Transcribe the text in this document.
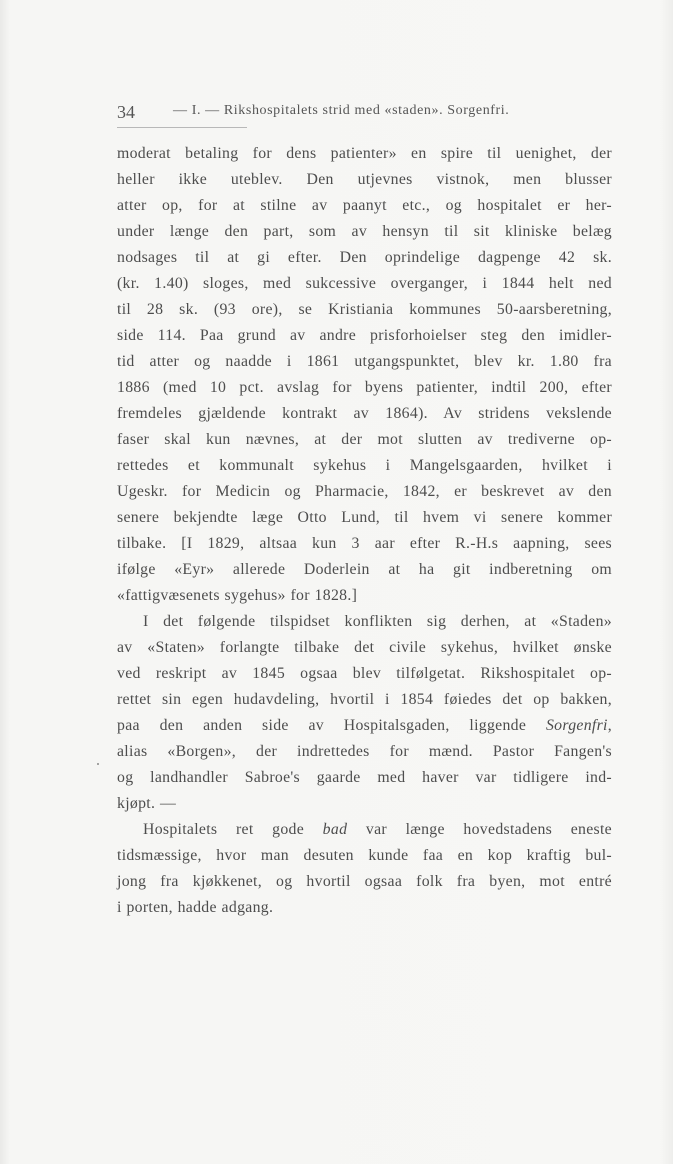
34	— I. — Rikshospitalets strid med «staden». Sorgenfri.
moderat betaling for dens patienter» en spire til uenighet, der
heller ikke uteblev. Den utjevnes vistnok, men blusser
atter op, for at stilne av paanyt etc., og hospitalet er her-
under længe den part, som av hensyn til sit kliniske belæg
nodsages til at gi efter. Den oprindelige dagpenge 42 sk.
(kr. 1.40) sloges, med sukcessive overganger, i 1844 helt ned
til 28 sk. (93 ore), se Kristiania kommunes 50-aarsberetning,
side 114. Paa grund av andre prisforhoielser steg den imidler-
tid atter og naadde i 1861 utgangspunktet, blev kr. 1.80 fra
1886 (med 10 pct. avslag for byens patienter, indtil 200, efter
fremdeles gjældende kontrakt av 1864). Av stridens vekslende
faser skal kun nævnes, at der mot slutten av trediverne op-
rettedes et kommunalt sykehus i Mangelsgaarden, hvilket i
Ugeskr. for Medicin og Pharmacie, 1842, er beskrevet av den
senere bekjendte læge Otto Lund, til hvem vi senere kommer
tilbake. [I 1829, altsaa kun 3 aar efter R.-H.s aapning, sees
ifølge «Eyr» allerede Doderlein at ha git indberetning om
«fattigvæsenets sygehus» for 1828.]
I det følgende tilspidset konflikten sig derhen, at «Staden»
av «Staten» forlangte tilbake det civile sykehus, hvilket ønske
ved reskript av 1845 ogsaa blev tilfølgetat. Rikshospitalet op-
rettet sin egen hudavdeling, hvortil i 1854 føiedes det op bakken,
paa den anden side av Hospitalsgaden, liggende Sorgenfri,
alias «Borgen», der indrettedes for mænd. Pastor Fangen's
og landhandler Sabroe's gaarde med haver var tidligere ind-
kjøpt. —
Hospitalets ret gode bad var længe hovedstadens eneste
tidsmæssige, hvor man desuten kunde faa en kop kraftig bul-
jong fra kjøkkenet, og hvortil ogsaa folk fra byen, mot entré
i porten, hadde adgang.
